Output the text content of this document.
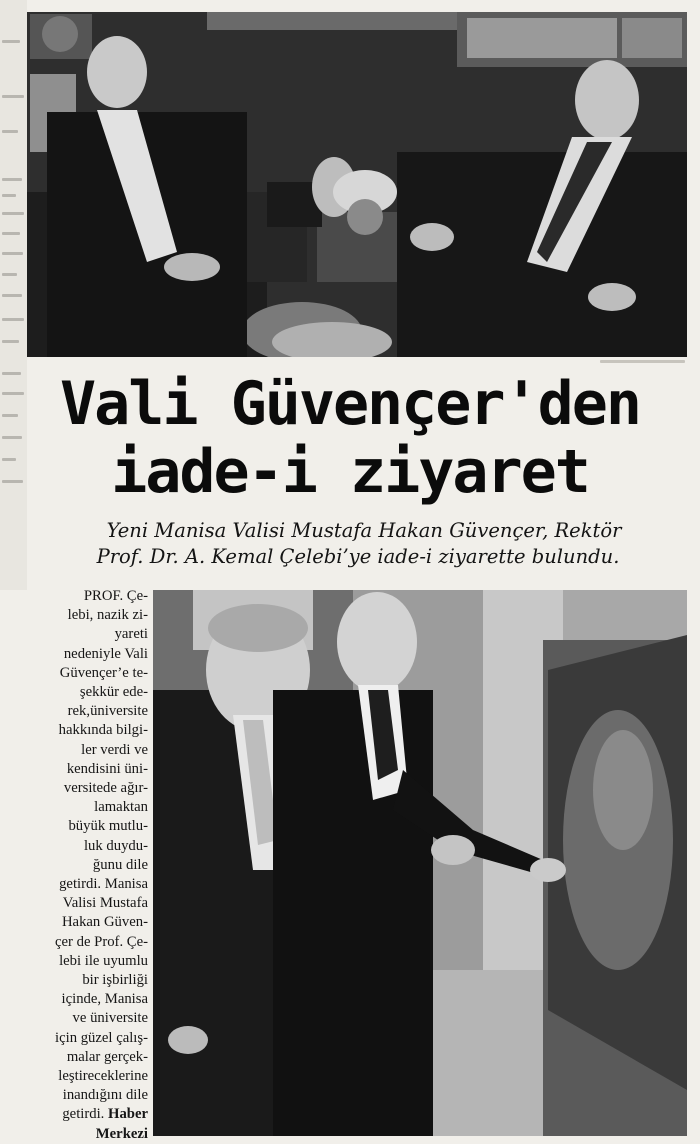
Vali Güvençer'den
iade-i ziyaret
Yeni Manisa Valisi Mustafa Hakan Güvençer, Rektör
Prof. Dr. A. Kemal Çelebi’ye iade-i ziyarette bulundu.
PROF. Çe-
lebi, nazik zi-
yareti
nedeniyle Vali
Güvençer’e te-
şekkür ede-
rek,üniversite
hakkında bilgi-
ler verdi ve
kendisini üni-
versitede ağır-
lamaktan
büyük mutlu-
luk duydu-
ğunu dile
getirdi. Manisa
Valisi Mustafa
Hakan Güven-
çer de Prof. Çe-
lebi ile uyumlu
bir işbirliği
içinde, Manisa
ve üniversite
için güzel çalış-
malar gerçek-
leştireceklerine
inandığını dile
getirdi. Haber
Merkezi
